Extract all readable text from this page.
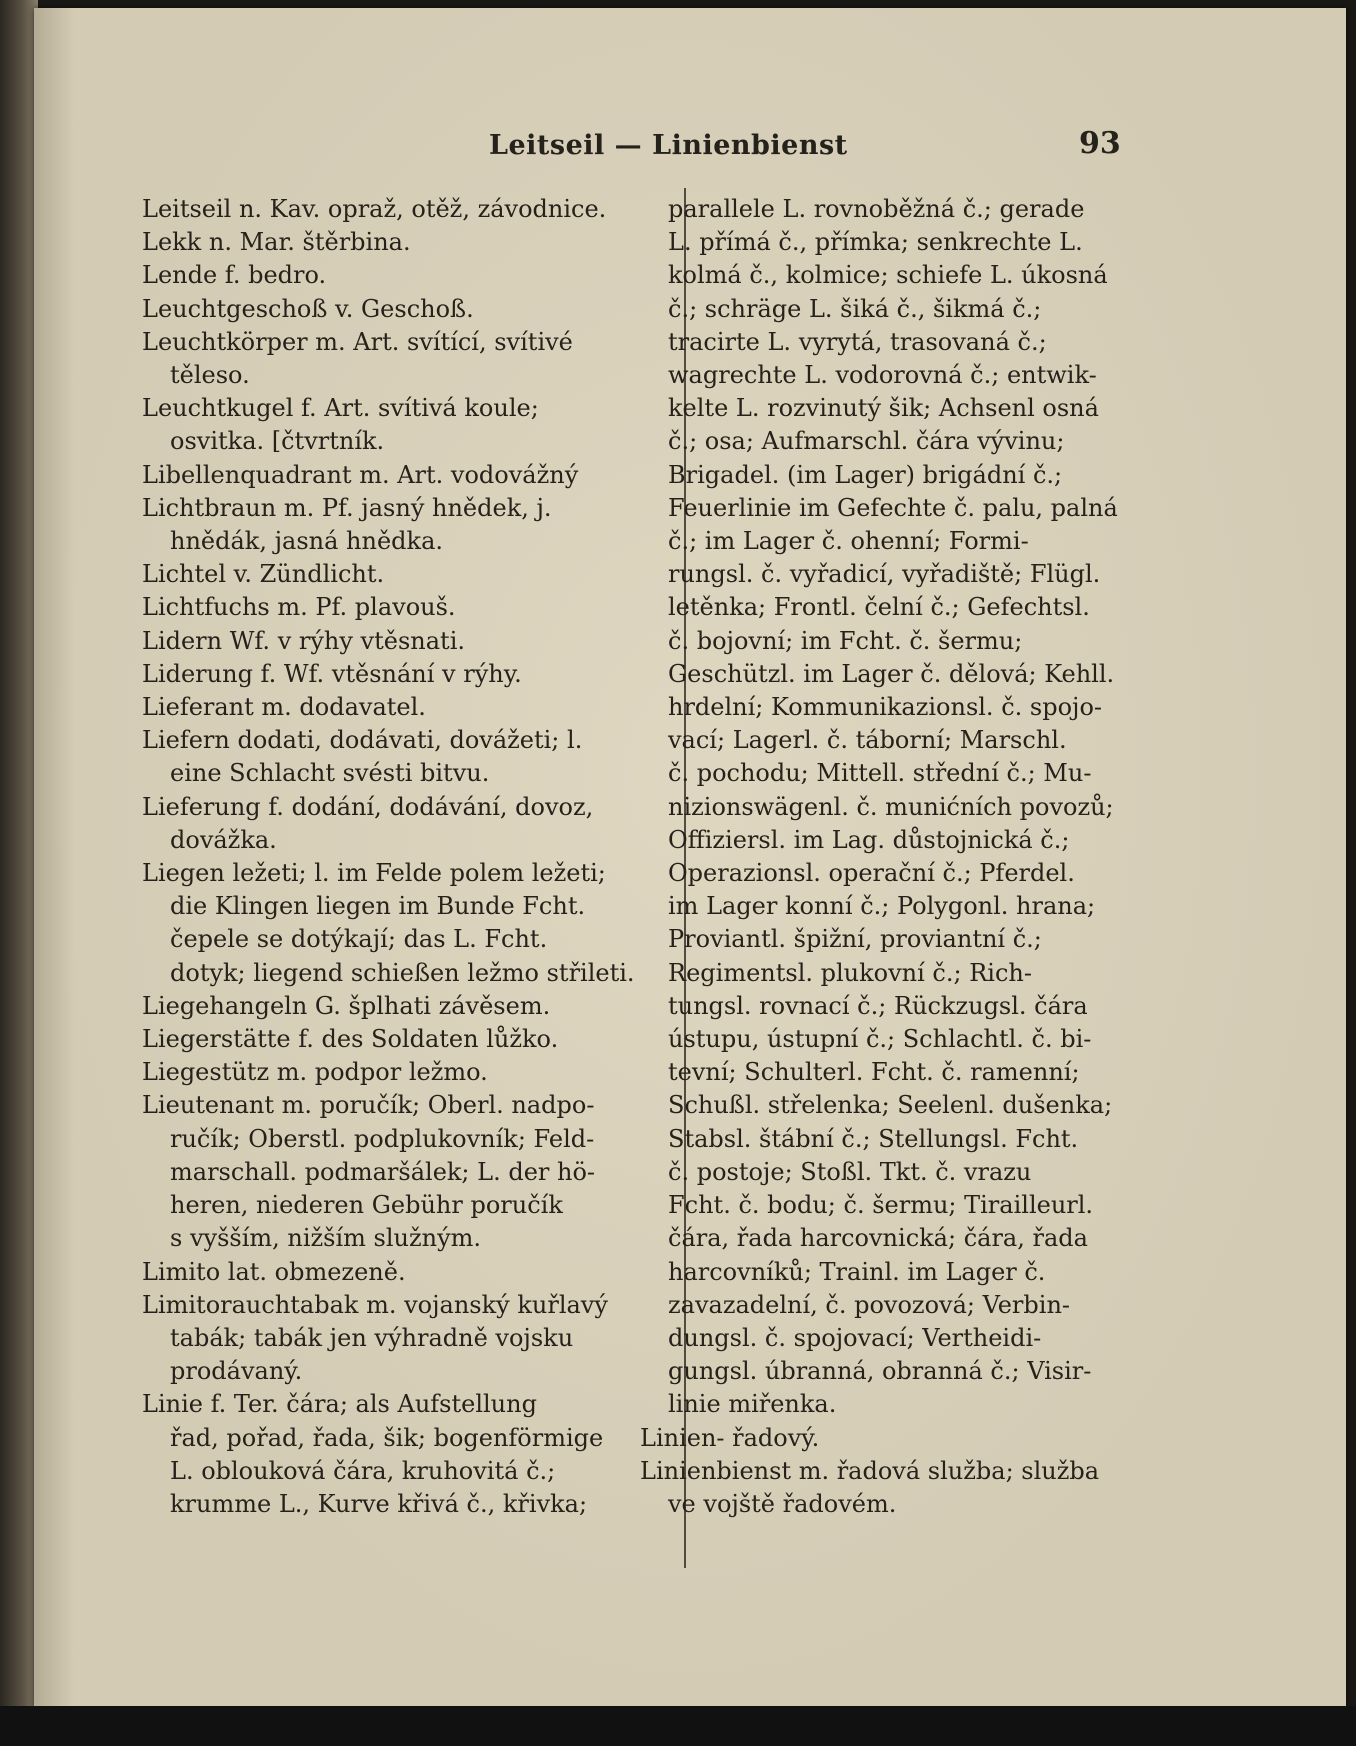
Leitseil — Linienbienst	93

Leitseil n. Kav. opraž, otěž, závodnice.

Lekk n. Mar. štěrbina.

Lende f. bedro.

Leuchtgeschoß v. Geschoß.

Leuchtkörper m. Art. svítící, svítivé

těleso.

Leuchtkugel f. Art. svítivá koule;

osvitka. [čtvrtník.

Libellenquadrant m. Art. vodovážný

Lichtbraun m. Pf. jasný hnědek, j.

hnědák, jasná hnědka.

Lichtel v. Zündlicht.

Lichtfuchs m. Pf. plavouš.

Lidern Wf. v rýhy vtěsnati.

Liderung f. Wf. vtěsnání v rýhy.

Lieferant m. dodavatel.

Liefern dodati, dodávati, dovážeti; l.

eine Schlacht svésti bitvu.

Lieferung f. dodání, dodávání, dovoz,

dovážka.

Liegen ležeti; l. im Felde polem ležeti;

die Klingen liegen im Bunde Fcht.

čepele se dotýkají; das L. Fcht.

dotyk; liegend schießen ležmo střileti.

Liegehangeln G. šplhati závěsem.

Liegerstätte f. des Soldaten lůžko.

Liegestütz m. podpor ležmo.

Lieutenant m. poručík; Oberl. nadpo-

ručík; Oberstl. podplukovník; Feld-

marschall. podmaršálek; L. der hö-

heren, niederen Gebühr poručík

s vyšším, nižším služným.

Limito lat. obmezeně.

Limitorauchtabak m. vojanský kuřlavý

tabák; tabák jen výhradně vojsku

prodávaný.

Linie f. Ter. čára; als Aufstellung

řad, pořad, řada, šik; bogenförmige

L. oblouková čára, kruhovitá č.;

krumme L., Kurve křivá č., křivka;

parallele L. rovnoběžná č.; gerade

L. přímá č., přímka; senkrechte L.

kolmá č., kolmice; schiefe L. úkosná

č.; schräge L. šiká č., šikmá č.;

tracirte L. vyrytá, trasovaná č.;

wagrechte L. vodorovná č.; entwik-

kelte L. rozvinutý šik; Achsenl osná

č.; osa; Aufmarschl. čára vývinu;

Brigadel. (im Lager) brigádní č.;

Feuerlinie im Gefechte č. palu, palná

č.; im Lager č. ohenní; Formi-

rungsl. č. vyřadicí, vyřadiště; Flügl.

letěnka; Frontl. čelní č.; Gefechtsl.

č. bojovní; im Fcht. č. šermu;

Geschützl. im Lager č. dělová; Kehll.

hrdelní; Kommunikazionsl. č. spojo-

vací; Lagerl. č. táborní; Marschl.

č. pochodu; Mittell. střední č.; Mu-

nizionswägenl. č. munićních povozů;

Offiziersl. im Lag. důstojnická č.;

Operazionsl. operační č.; Pferdel.

im Lager konní č.; Polygonl. hrana;

Proviantl. špižní, proviantní č.;

Regimentsl. plukovní č.; Rich-

tungsl. rovnací č.; Rückzugsl. čára

ústupu, ústupní č.; Schlachtl. č. bi-

tevní; Schulterl. Fcht. č. ramenní;

Schußl. střelenka; Seelenl. dušenka;

Stabsl. štábní č.; Stellungsl. Fcht.

č. postoje; Stoßl. Tkt. č. vrazu

Fcht. č. bodu; č. šermu; Tirailleurl.

čára, řada harcovnická; čára, řada

harcovníků; Trainl. im Lager č.

zavazadelní, č. povozová; Verbin-

dungsl. č. spojovací; Vertheidi-

gungsl. úbranná, obranná č.; Visir-

linie miřenka.

Linien- řadový.

Linienbienst m. řadová služba; služba

ve vojště řadovém.
